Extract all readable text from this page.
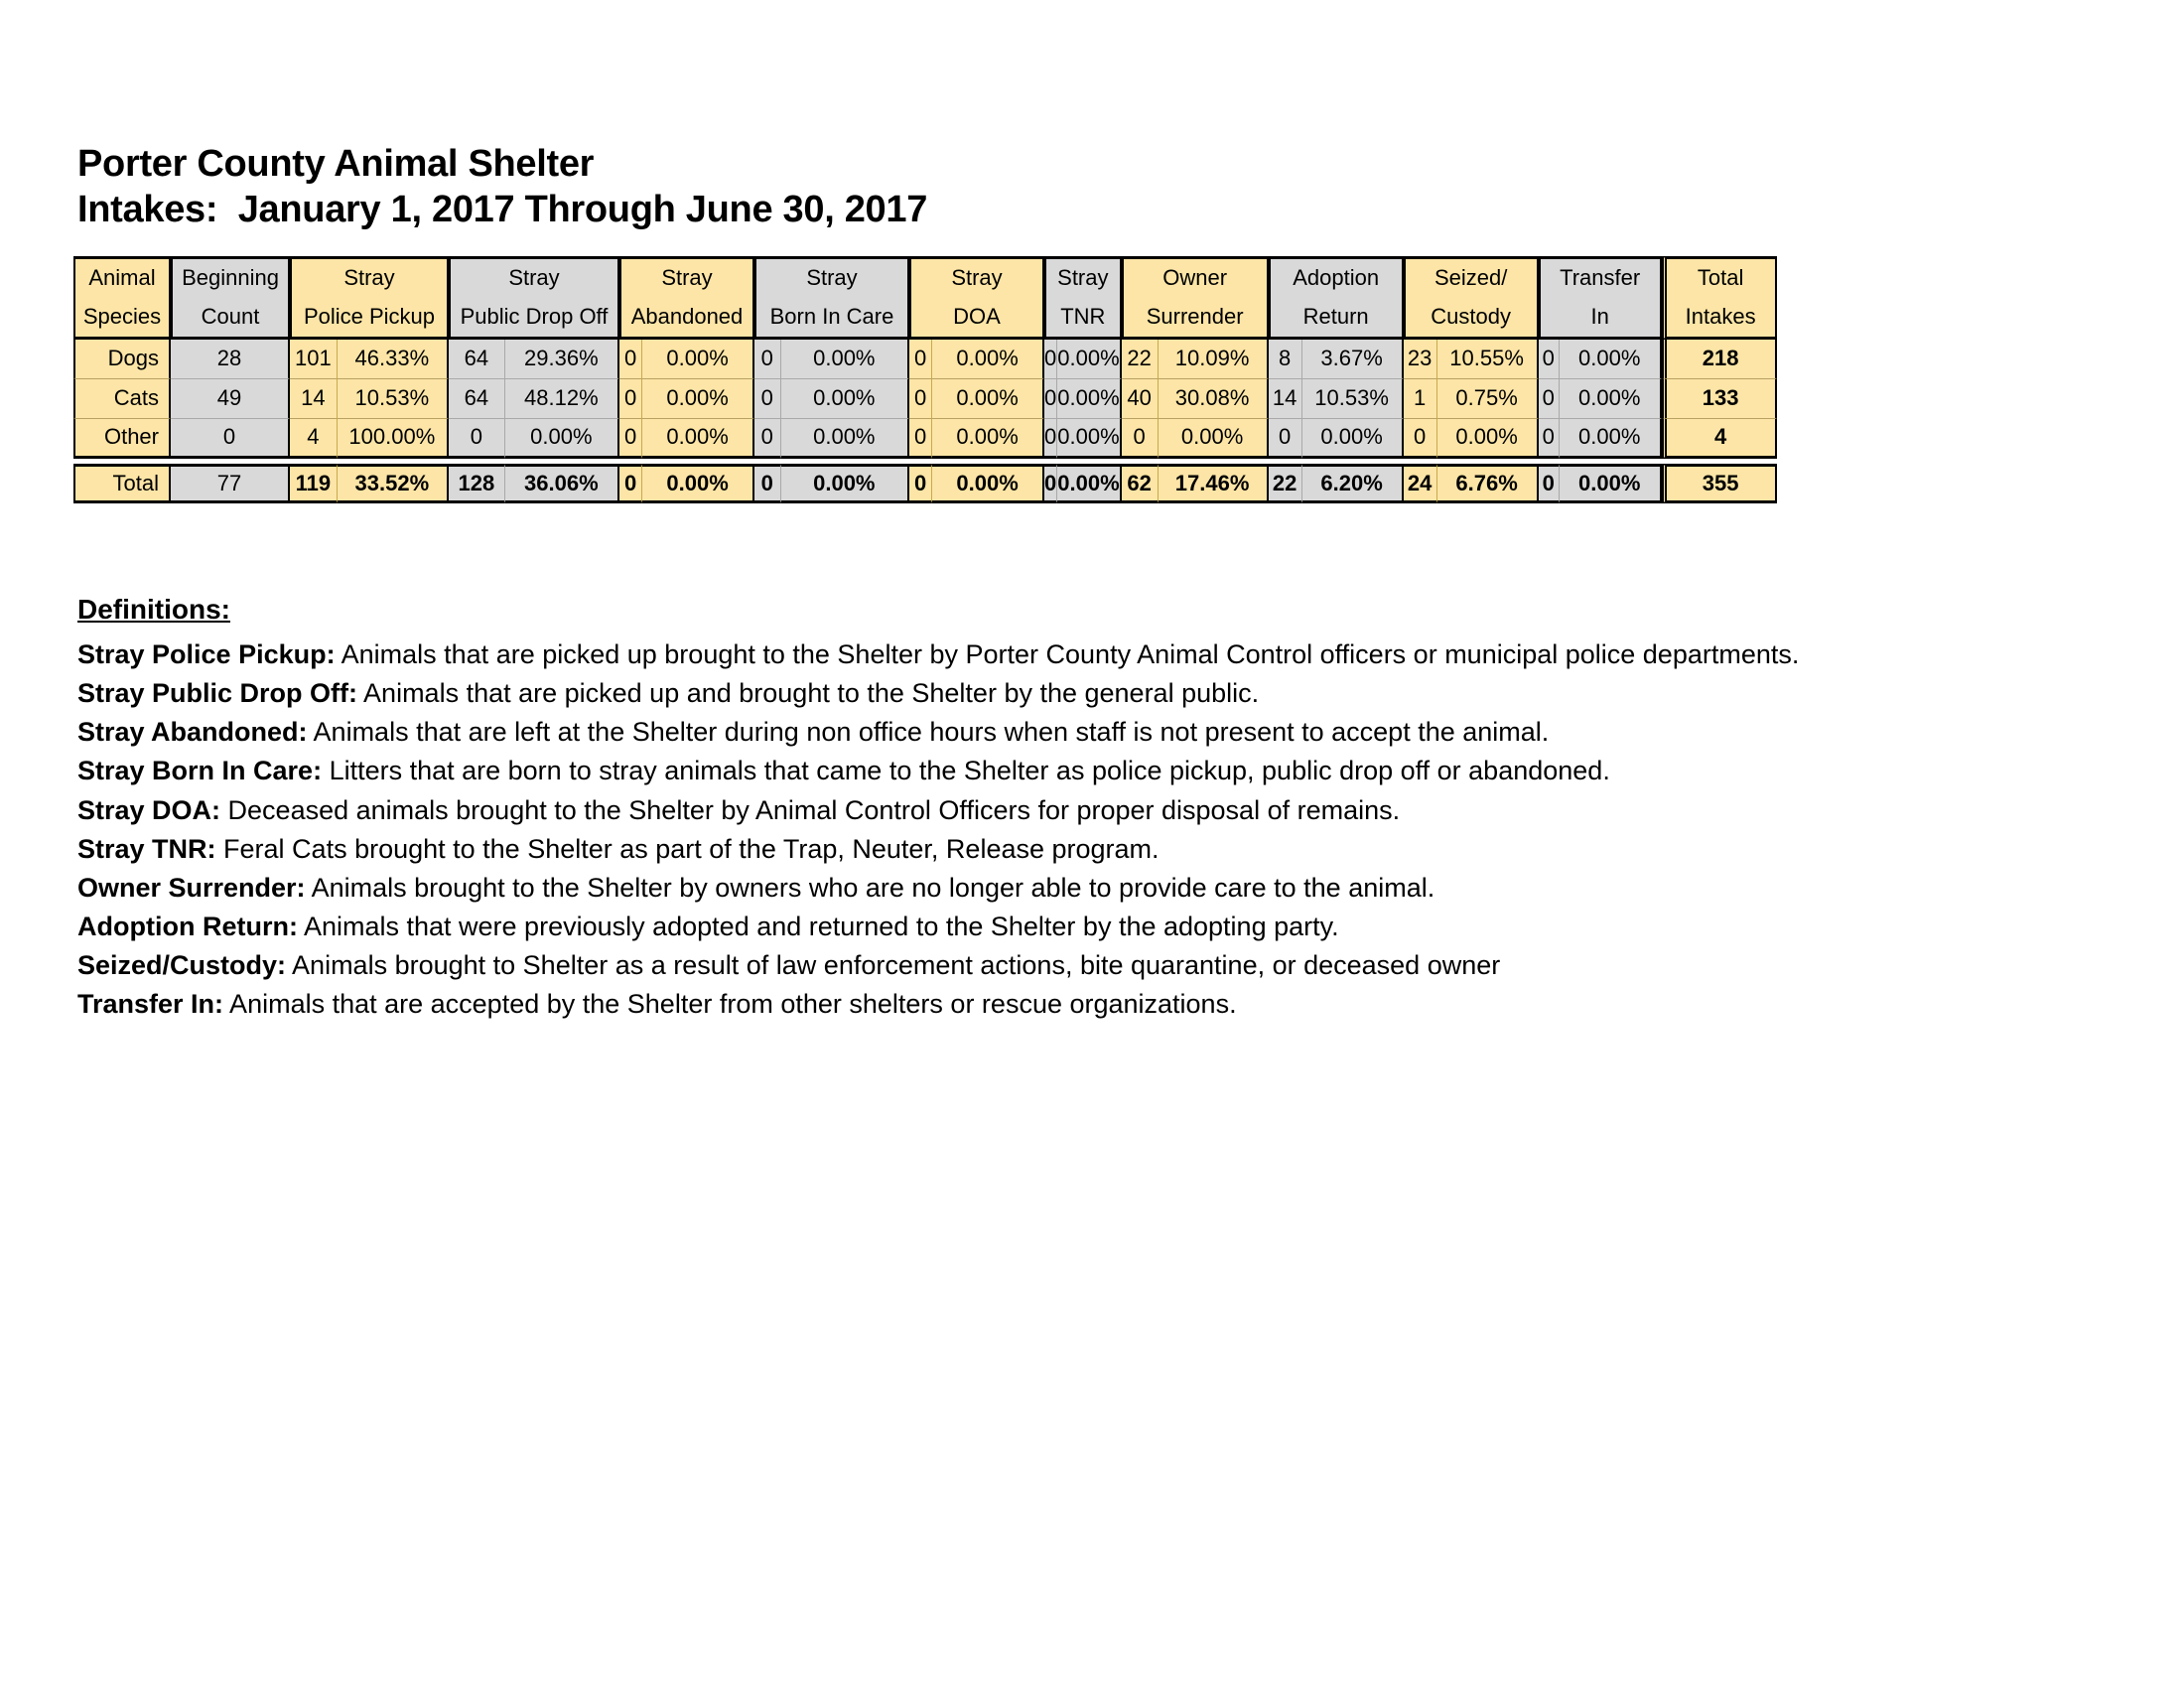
Porter County Animal Shelter
Intakes:  January 1, 2017 Through June 30, 2017
Animal	Beginning	Stray		Stray		Stray		Stray		Stray		Stray		Owner		Adoption		Seized/		Transfer		Total
Species	Count	Police Pickup		Public Drop Off		Abandoned		Born In Care		DOA		TNR		Surrender		Return		Custody		In		Intakes
Dogs	28	101	46.33%	64	29.36%	0	0.00%	0	0.00%	0	0.00%	0	0.00%	22	10.09%	8	3.67%	23	10.55%	0	0.00%	218
Cats	49	14	10.53%	64	48.12%	0	0.00%	0	0.00%	0	0.00%	0	0.00%	40	30.08%	14	10.53%	1	0.75%	0	0.00%	133
Other	0	4	100.00%	0	0.00%	0	0.00%	0	0.00%	0	0.00%	0	0.00%	0	0.00%	0	0.00%	0	0.00%	0	0.00%	4

Total	77	119	33.52%	128	36.06%	0	0.00%	0	0.00%	0	0.00%	0	0.00%	62	17.46%	22	6.20%	24	6.76%	0	0.00%	355
Definitions:
Stray Police Pickup: Animals that are picked up brought to the Shelter by Porter County Animal Control officers or municipal police departments.
Stray Public Drop Off: Animals that are picked up and brought to the Shelter by the general public.
Stray Abandoned: Animals that are left at the Shelter during non office hours when staff is not present to accept the animal.
Stray Born In Care: Litters that are born to stray animals that came to the Shelter as police pickup, public drop off or abandoned.
Stray DOA: Deceased animals brought to the Shelter by Animal Control Officers for proper disposal of remains.
Stray TNR: Feral Cats brought to the Shelter as part of the Trap, Neuter, Release program.
Owner Surrender: Animals brought to the Shelter by owners who are no longer able to provide care to the animal.
Adoption Return: Animals that were previously adopted and returned to the Shelter by the adopting party.
Seized/Custody: Animals brought to Shelter as a result of law enforcement actions, bite quarantine, or deceased owner
Transfer In: Animals that are accepted by the Shelter from other shelters or rescue organizations.
